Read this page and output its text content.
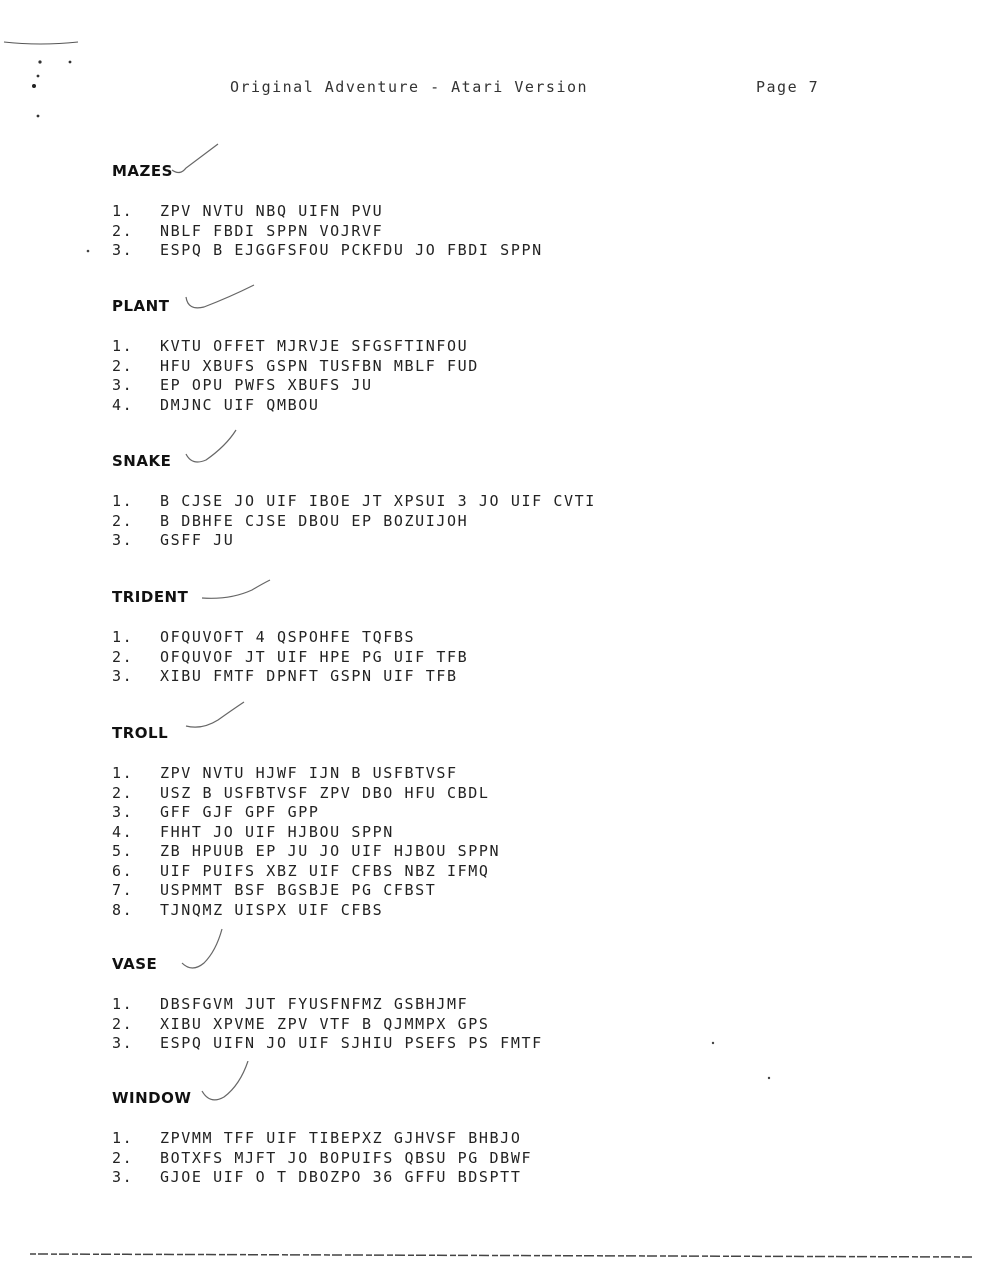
Original Adventure - Atari Version	Page 7
MAZES
1.	ZPV NVTU NBQ UIFN PVU
2.	NBLF FBDI SPPN VOJRVF
3.	ESPQ B EJGGFSFOU PCKFDU JO FBDI SPPN
PLANT
1.	KVTU OFFET MJRVJE SFGSFTINFOU
2.	HFU XBUFS GSPN TUSFBN MBLF FUD
3.	EP OPU PWFS XBUFS JU
4.	DMJNC UIF QMBOU
SNAKE
1.	B CJSE JO UIF IBOE JT XPSUI 3 JO UIF CVTI
2.	B DBHFE CJSE DBOU EP BOZUIJOH
3.	GSFF JU
TRIDENT
1.	OFQUVOFT 4 QSPOHFE TQFBS
2.	OFQUVOF JT UIF HPE PG UIF TFB
3.	XIBU FMTF DPNFT GSPN UIF TFB
TROLL
1.	ZPV NVTU HJWF IJN B USFBTVSF
2.	USZ B USFBTVSF ZPV DBO HFU CBDL
3.	GFF GJF GPF GPP
4.	FHHT JO UIF HJBOU SPPN
5.	ZB HPUUB EP JU JO UIF HJBOU SPPN
6.	UIF PUIFS XBZ UIF CFBS NBZ IFMQ
7.	USPMMT BSF BGSBJE PG CFBST
8.	TJNQMZ UISPX UIF CFBS
VASE
1.	DBSFGVM JUT FYUSFNFMZ GSBHJMF
2.	XIBU XPVME ZPV VTF B QJMMPX GPS
3.	ESPQ UIFN JO UIF SJHIU PSEFS PS FMTF
WINDOW
1.	ZPVMM TFF UIF TIBEPXZ GJHVSF BHBJO
2.	BOTXFS MJFT JO BOPUIFS QBSU PG DBWF
3.	GJOE UIF O T DBOZPO 36 GFFU BDSPTT
